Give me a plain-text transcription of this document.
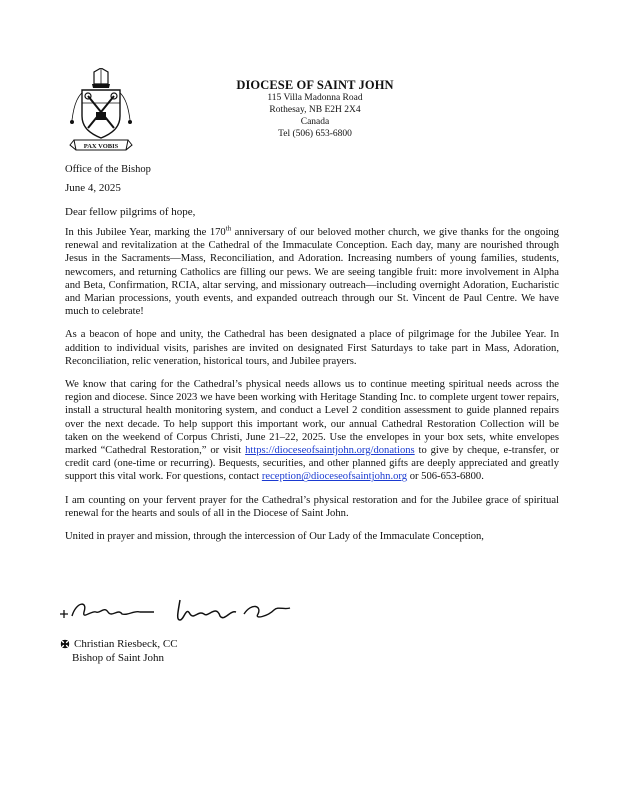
PAX VOBIS
DIOCESE OF SAINT JOHN
115 Villa Madonna Road
Rothesay, NB E2H 2X4
Canada
Tel (506) 653-6800
Office of the Bishop
June 4, 2025
Dear fellow pilgrims of hope,

In this Jubilee Year, marking the 170th anniversary of our beloved mother church, we give thanks for the ongoing renewal and revitalization at the Cathedral of the Immaculate Conception. Each day, many are nourished through Jesus in the Sacraments—Mass, Reconciliation, and Adoration. Increasing numbers of young families, students, newcomers, and returning Catholics are filling our pews. We are seeing tangible fruit: more involvement in Alpha and Beta, Confirmation, RCIA, altar serving, and missionary outreach—including overnight Adoration, Eucharistic and Marian processions, youth events, and expanded outreach through our St. Vincent de Paul Centre. We have much to celebrate!

As a beacon of hope and unity, the Cathedral has been designated a place of pilgrimage for the Jubilee Year. In addition to individual visits, parishes are invited on designated First Saturdays to take part in Mass, Adoration, Reconciliation, relic veneration, historical tours, and Jubilee prayers.

We know that caring for the Cathedral’s physical needs allows us to continue meeting spiritual needs across the region and diocese. Since 2023 we have been working with Heritage Standing Inc. to complete urgent tower repairs, install a structural health monitoring system, and conduct a Level 2 condition assessment to guide planned repairs over the next decade. To help support this important work, our annual Cathedral Restoration Collection will be taken on the weekend of Corpus Christi, June 21–22, 2025. Use the envelopes in your box sets, white envelopes marked “Cathedral Restoration,” or visit https://dioceseofsaintjohn.org/donations to give by cheque, e-transfer, or credit card (one-time or recurring). Bequests, securities, and other planned gifts are deeply appreciated and greatly support this vital work. For questions, contact reception@dioceseofsaintjohn.org or 506-653-6800.

I am counting on your fervent prayer for the Cathedral’s physical restoration and for the Jubilee grace of spiritual renewal for the hearts and souls of all in the Diocese of Saint John.

United in prayer and mission, through the intercession of Our Lady of the Immaculate Conception,

Christian Riesbeck, CC
Bishop of Saint John
